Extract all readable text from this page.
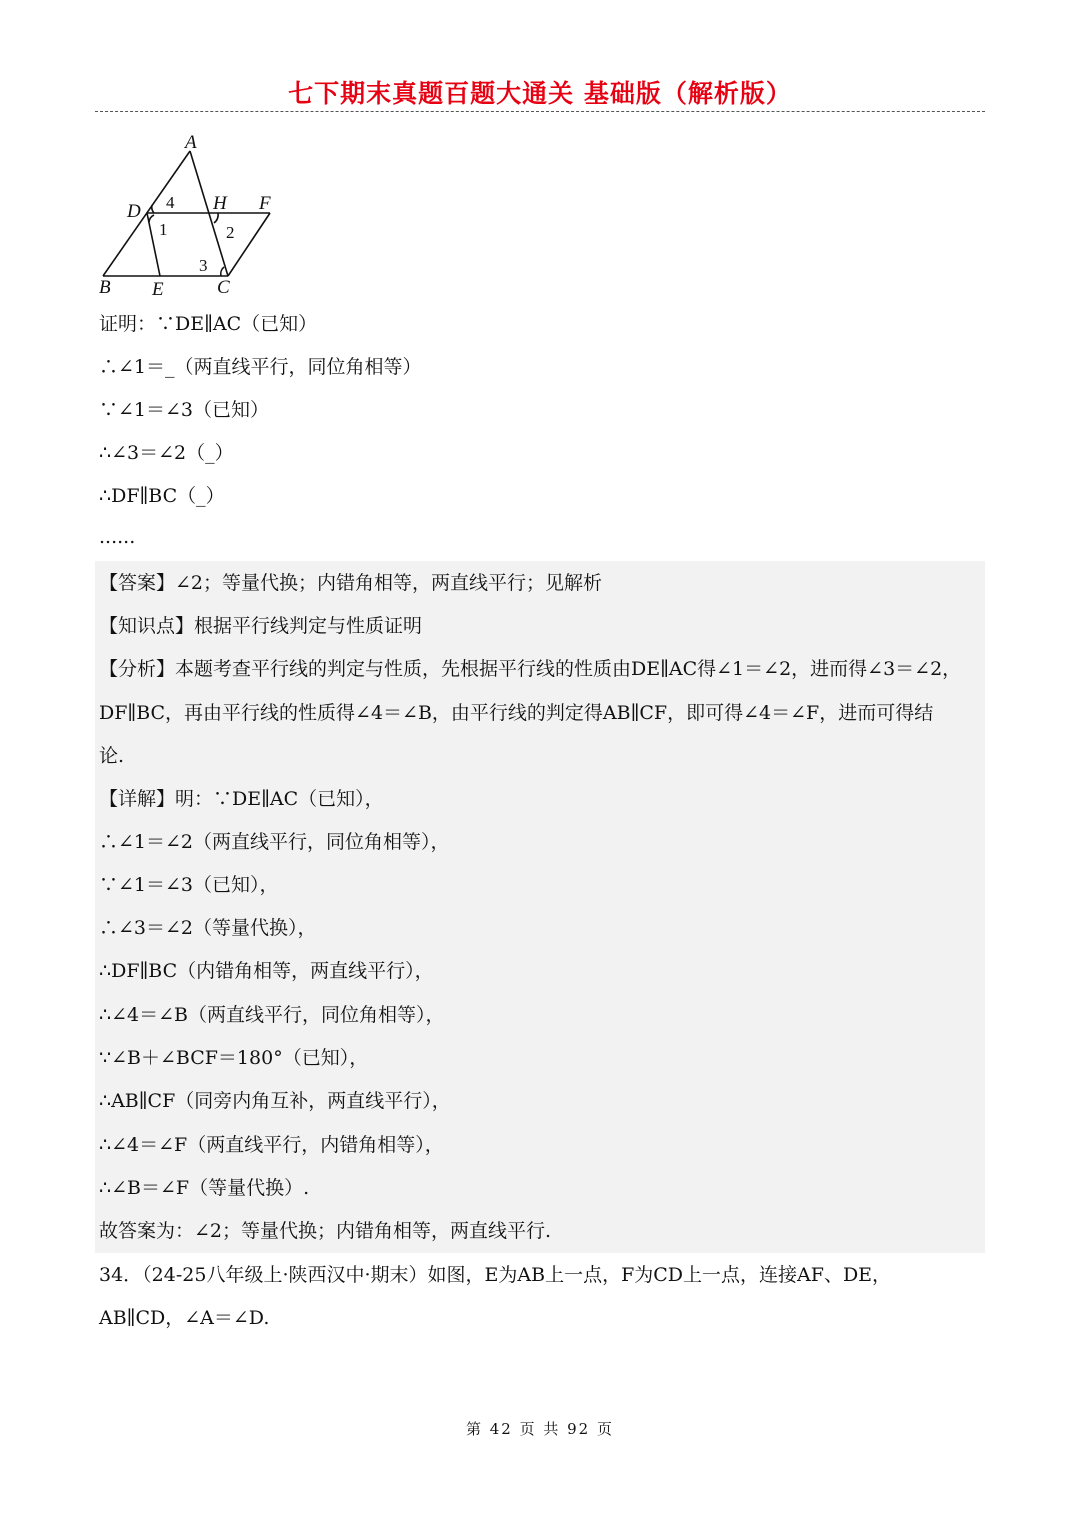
七下期末真题百题大通关 基础版（解析版）
A
B	C
D
E
F
H
4
1	2
3
证明：∵DE∥AC（已知）
∴∠1＝_（两直线平行，同位角相等）
∵∠1＝∠3（已知）
∴∠3＝∠2（_）
∴DF∥BC（_）
......
【答案】∠2；等量代换；内错角相等，两直线平行；见解析
【知识点】根据平行线判定与性质证明
【分析】本题考查平行线的判定与性质，先根据平行线的性质由DE∥AC得∠1＝∠2，进而得∠3＝∠2，
DF∥BC，再由平行线的性质得∠4＝∠B，由平行线的判定得AB∥CF，即可得∠4＝∠F，进而可得结
论.
【详解】明：∵DE∥AC（已知），
∴∠1＝∠2（两直线平行，同位角相等），
∵∠1＝∠3（已知），
∴∠3＝∠2（等量代换），
∴DF∥BC（内错角相等，两直线平行），
∴∠4＝∠B（两直线平行，同位角相等），
∵∠B＋∠BCF＝180°（已知），
∴AB∥CF（同旁内角互补，两直线平行），
∴∠4＝∠F（两直线平行，内错角相等），
∴∠B＝∠F（等量代换）.
故答案为：∠2；等量代换；内错角相等，两直线平行.
34．（24-25八年级上·陕西汉中·期末）如图，E为AB上一点，F为CD上一点，连接AF、DE，
AB∥CD，∠A＝∠D.
第 42 页 共 92 页
